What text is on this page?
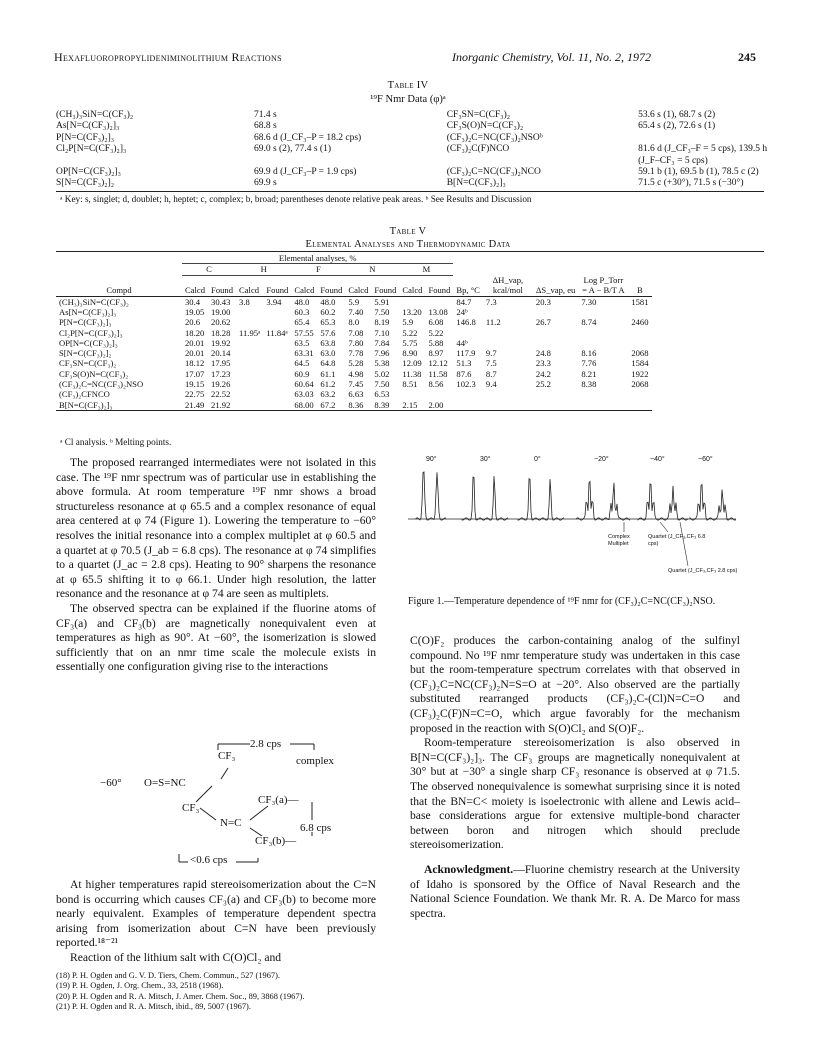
Hexafluoropropylideniminolithium Reactions	Inorganic Chemistry, Vol. 11, No. 2, 1972	245
Table IV
¹⁹F Nmr Data (φ)ᵃ
(CH₃)₃SiN=C(CF₃)₂	71.4 s	CF₃SN=C(CF₃)₂	53.6 s (1), 68.7 s (2)
As[N=C(CF₃)₂]₃	68.8 s	CF₃S(O)N=C(CF₃)₂	65.4 s (2), 72.6 s (1)
P[N=C(CF₃)₂]₃	68.6 d (J_CF₃–P = 18.2 cps)	(CF₃)₂C=NC(CF₃)₂NSOᵇ	
Cl₂P[N=C(CF₃)₂]₃	69.0 s (2), 77.4 s (1)	(CF₃)₂C(F)NCO	81.6 d (J_CF₃–F = 5 cps), 139.5 h
			(J_F–CF₃ = 5 cps)
OP[N=C(CF₃)₂]₃	69.9 d (J_CF₃–P = 1.9 cps)	(CF₃)₂C=NC(CF₃)₂NCO	59.1 b (1), 69.5 b (1), 78.5 c (2)
S[N=C(CF₃)₂]₂	69.9 s	B[N=C(CF₃)₂]₃	71.5 c (+30°), 71.5 s (−30°)
ᵃ Key: s, singlet; d, doublet; h, heptet; c, complex; b, broad; parentheses denote relative peak areas. ᵇ See Results and Discussion
Table V
Elemental Analyses and Thermodynamic Data
	Elemental analyses, %														
	C		H		F		N		M						
Compd	Calcd	Found	Calcd	Found	Calcd	Found	Calcd	Found	Calcd	Found	Bp, °C	ΔH_vap, kcal/mol	ΔS_vap, eu	Log P_Torr = A − B/T A	B
(CH₃)₃SiN=C(CF₃)₂	30.4	30.43	3.8	3.94	48.0	48.0	5.9	5.91			84.7	7.3	20.3	7.30	1581
As[N=C(CF₃)₂]₃	19.05	19.00			60.3	60.2	7.40	7.50	13.20	13.08	24ᵇ				
P[N=C(CF₃)₂]₃	20.6	20.62			65.4	65.3	8.0	8.19	5.9	6.08	146.8	11.2	26.7	8.74	2460
Cl₂P[N=C(CF₃)₂]₃	18.20	18.28	11.95ᵃ	11.84ᵃ	57.55	57.6	7.08	7.10	5.22	5.22					
OP[N=C(CF₃)₂]₃	20.01	19.92			63.5	63.8	7.80	7.84	5.75	5.88	44ᵇ				
S[N=C(CF₃)₂]₂	20.01	20.14			63.31	63.0	7.78	7.96	8.90	8.97	117.9	9.7	24.8	8.16	2068
CF₃SN=C(CF₃)₂	18.12	17.95			64.5	64.8	5.28	5.38	12.09	12.12	51.3	7.5	23.3	7.76	1584
CF₃S(O)N=C(CF₃)₂	17.07	17.23			60.9	61.1	4.98	5.02	11.38	11.58	87.6	8.7	24.2	8.21	1922
(CF₃)₂C=NC(CF₃)₂NSO	19.15	19.26			60.64	61.2	7.45	7.50	8.51	8.56	102.3	9.4	25.2	8.38	2068
(CF₃)₂CFNCO	22.75	22.52			63.03	63.2	6.63	6.53							
B[N=C(CF₃)₂]₃	21.49	21.92			68.00	67.2	8.36	8.39	2.15	2.00					

ᵃ Cl analysis. ᵇ Melting points.

The proposed rearranged intermediates were not isolated in this case. The ¹⁹F nmr spectrum was of particular use in establishing the above formula. At room temperature ¹⁹F nmr shows a broad structureless resonance at φ 65.5 and a complex resonance of equal area centered at φ 74 (Figure 1). Lowering the temperature to −60° resolves the initial resonance into a complex multiplet at φ 60.5 and a quartet at φ 70.5 (J_ab = 6.8 cps). The resonance at φ 74 simplifies to a quartet (J_ac = 2.8 cps). Heating to 90° sharpens the resonance at φ 65.5 shifting it to φ 66.1. Under high resolution, the latter resonance and the resonance at φ 74 are seen as multiplets.

The observed spectra can be explained if the fluorine atoms of CF₃(a) and CF₃(b) are magnetically nonequivalent even at temperatures as high as 90°. At −60°, the isomerization is slowed sufficiently that on an nmr time scale the molecule exists in essentially one configuration giving rise to the interactions

2.8 cps
CF₃	complex
−60° O=S=NC
CF₃(a)—
CF₃
N=C	6.8 cps
CF₃(b)—
<0.6 cps

At higher temperatures rapid stereoisomerization about the C=N bond is occurring which causes CF₃(a) and CF₃(b) to become more nearly equivalent. Examples of temperature dependent spectra arising from isomerization about C=N have been previously reported.¹⁸⁻²¹

Reaction of the lithium salt with C(O)Cl₂ and

(18) P. H. Ogden and G. V. D. Tiers, Chem. Commun., 527 (1967).
(19) P. H. Ogden, J. Org. Chem., 33, 2518 (1968).
(20) P. H. Ogden and R. A. Mitsch, J. Amer. Chem. Soc., 89, 3868 (1967).
(21) P. H. Ogden and R. A. Mitsch, ibid., 89, 5007 (1967).
90°	30°	0°	−20°	−40°	−60°
Complex Multiplet
Quartet (J_CF₃,CF₃ 6.8 cps)
Quartet (J_CF₃,CF₃ 2.8 cps)
Figure 1.—Temperature dependence of ¹⁹F nmr for (CF₃)₂C=NC(CF₃)₂NSO.

C(O)F₂ produces the carbon-containing analog of the sulfinyl compound. No ¹⁹F nmr temperature study was undertaken in this case but the room-temperature spectrum correlates with that observed in (CF₃)₂C=NC(CF₃)₂N=S=O at −20°. Also observed are the partially substituted rearranged products (CF₃)₂C-(Cl)N=C=O and (CF₃)₂C(F)N=C=O, which argue favorably for the mechanism proposed in the reaction with S(O)Cl₂ and S(O)F₂.

Room-temperature stereoisomerization is also observed in B[N=C(CF₃)₂]₃. The CF₃ groups are magnetically nonequivalent at 30° but at −30° a single sharp CF₃ resonance is observed at φ 71.5. The observed nonequivalence is somewhat surprising since it is noted that the BN=C< moiety is isoelectronic with allene and Lewis acid–base considerations argue for extensive multiple-bond character between boron and nitrogen which should preclude stereoisomerization.

Acknowledgment.—Fluorine chemistry research at the University of Idaho is sponsored by the Office of Naval Research and the National Science Foundation. We thank Mr. R. A. De Marco for mass spectra.
